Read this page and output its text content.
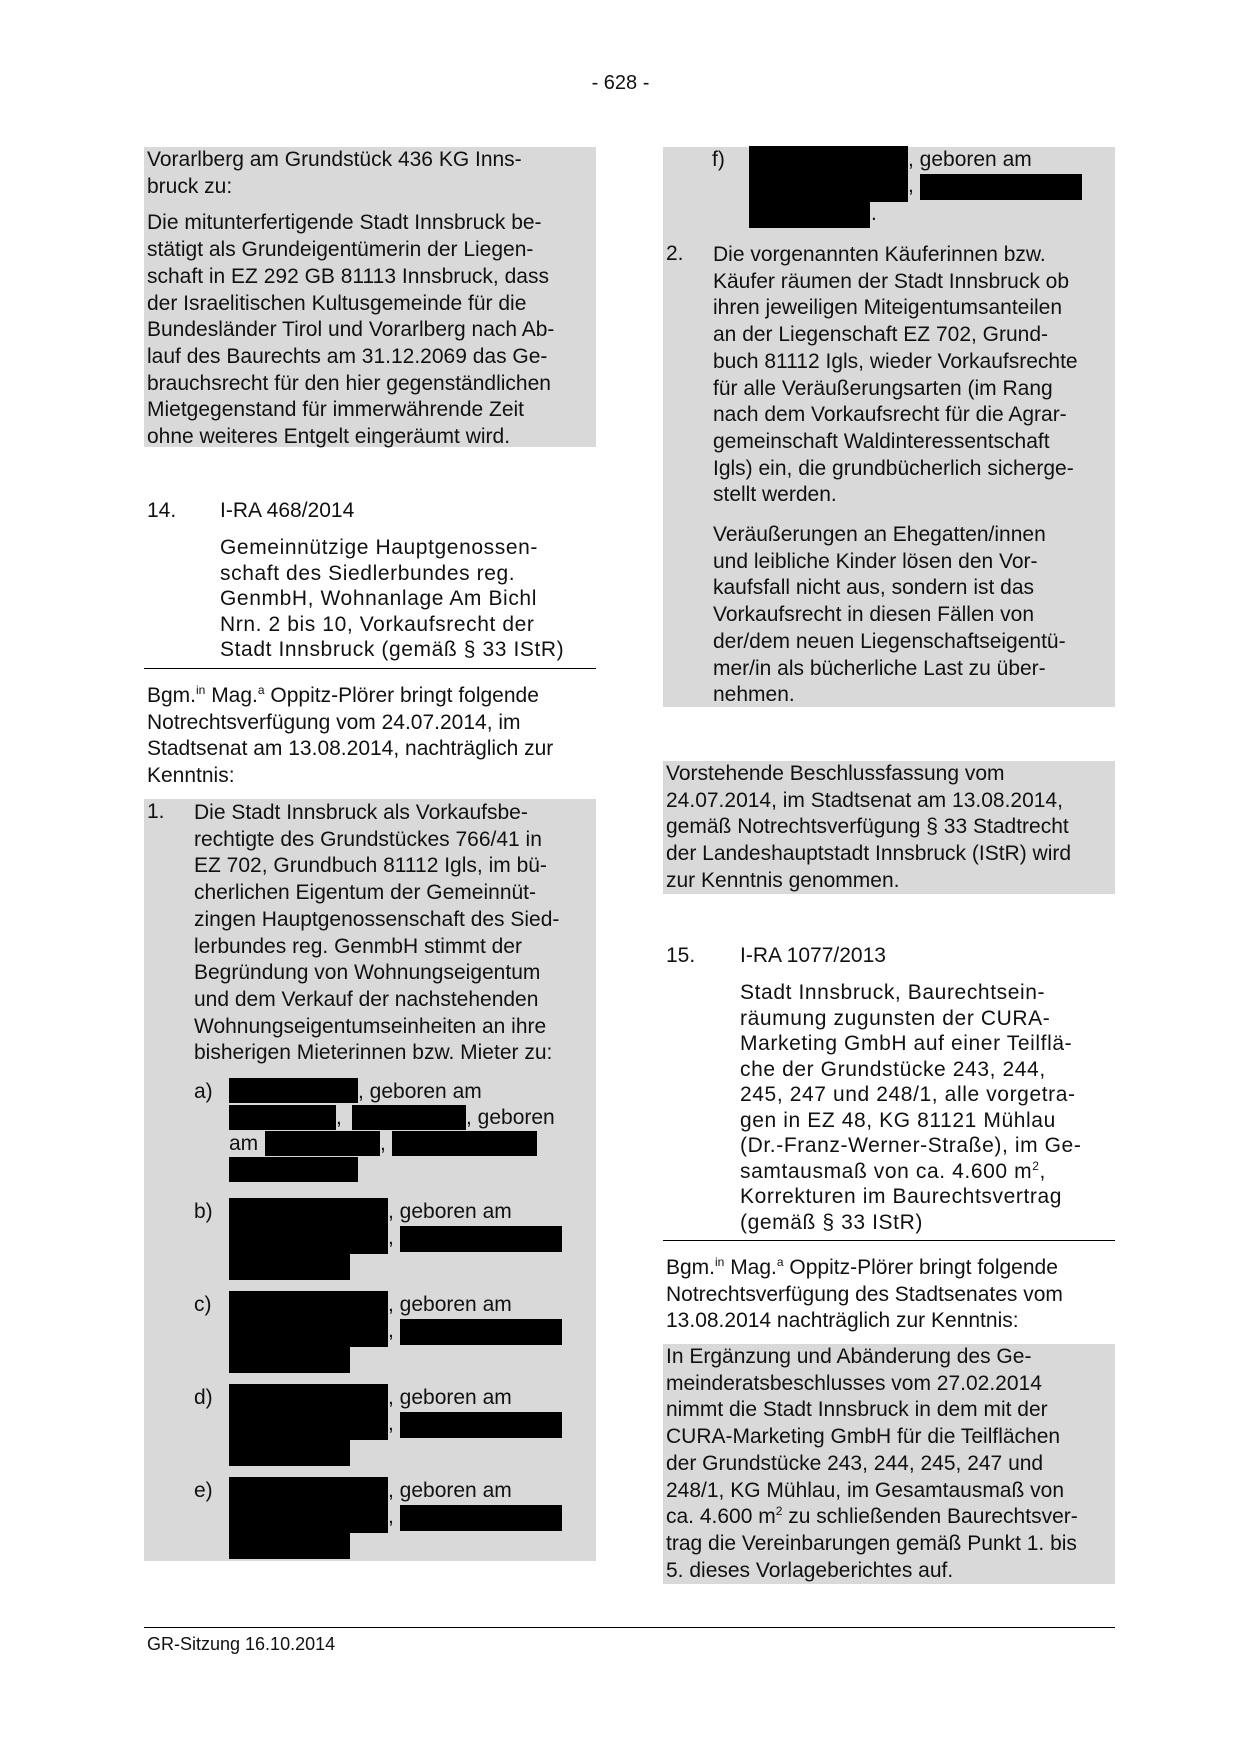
- 628 -
Vorarlberg am Grundstück 436 KG Inns-
bruck zu:
Die mitunterfertigende Stadt Innsbruck be-
stätigt als Grundeigentümerin der Liegen-
schaft in EZ 292 GB 81113 Innsbruck, dass
der Israelitischen Kultusgemeinde für die
Bundesländer Tirol und Vorarlberg nach Ab-
lauf des Baurechts am 31.12.2069 das Ge-
brauchsrecht für den hier gegenständlichen
Mietgegenstand für immerwährende Zeit
ohne weiteres Entgelt eingeräumt wird.
14. I-RA 468/2014
Gemeinnützige Hauptgenossen-
schaft des Siedlerbundes reg.
GenmbH, Wohnanlage Am Bichl
Nrn. 2 bis 10, Vorkaufsrecht der
Stadt Innsbruck (gemäß § 33 IStR)
Bgm.$^{in}$ Mag.$^a$ Oppitz-Plörer bringt folgende
Notrechtsverfügung vom 24.07.2014, im
Stadtsenat am 13.08.2014, nachträglich zur
Kenntnis:
1. Die Stadt Innsbruck als Vorkaufsbe-
rechtigte des Grundstückes 766/41 in
EZ 702, Grundbuch 81112 Igls, im bü-
cherlichen Eigentum der Gemeinnüt-
zingen Hauptgenossenschaft des Sied-
lerbundes reg. GenmbH stimmt der
Begründung von Wohnungseigentum
und dem Verkauf der nachstehenden
Wohnungseigentumseinheiten an ihre
bisherigen Mieterinnen bzw. Mieter zu:
a)	, geboren am
,	, geboren
am	,
b)	, geboren am
,
c)	, geboren am
,
d)	, geboren am
,
e)	, geboren am
,
f)	, geboren am
,
.
2. Die vorgenannten Käuferinnen bzw.
Käufer räumen der Stadt Innsbruck ob
ihren jeweiligen Miteigentumsanteilen
an der Liegenschaft EZ 702, Grund-
buch 81112 Igls, wieder Vorkaufsrechte
für alle Veräußerungsarten (im Rang
nach dem Vorkaufsrecht für die Agrar-
gemeinschaft Waldinteressentschaft
Igls) ein, die grundbücherlich sicherge-
stellt werden.
Veräußerungen an Ehegatten/innen
und leibliche Kinder lösen den Vor-
kaufsfall nicht aus, sondern ist das
Vorkaufsrecht in diesen Fällen von
der/dem neuen Liegenschaftseigentü-
mer/in als bücherliche Last zu über-
nehmen.
Vorstehende Beschlussfassung vom
24.07.2014, im Stadtsenat am 13.08.2014,
gemäß Notrechtsverfügung § 33 Stadtrecht
der Landeshauptstadt Innsbruck (IStR) wird
zur Kenntnis genommen.
15. I-RA 1077/2013
Stadt Innsbruck, Baurechtsein-
räumung zugunsten der CURA-
Marketing GmbH auf einer Teilflä-
che der Grundstücke 243, 244,
245, 247 und 248/1, alle vorgetra-
gen in EZ 48, KG 81121 Mühlau
(Dr.-Franz-Werner-Straße), im Ge-
samtausmaß von ca. 4.600 $m^2$,
Korrekturen im Baurechtsvertrag
(gemäß § 33 IStR)
Bgm.$^{in}$ Mag.$^a$ Oppitz-Plörer bringt folgende
Notrechtsverfügung des Stadtsenates vom
13.08.2014 nachträglich zur Kenntnis:
In Ergänzung und Abänderung des Ge-
meinderatsbeschlusses vom 27.02.2014
nimmt die Stadt Innsbruck in dem mit der
CURA-Marketing GmbH für die Teilflächen
der Grundstücke 243, 244, 245, 247 und
248/1, KG Mühlau, im Gesamtausmaß von
ca. 4.600 $m^2$ zu schließenden Baurechtsver-
trag die Vereinbarungen gemäß Punkt 1. bis
5. dieses Vorlageberichtes auf.
GR-Sitzung 16.10.2014
